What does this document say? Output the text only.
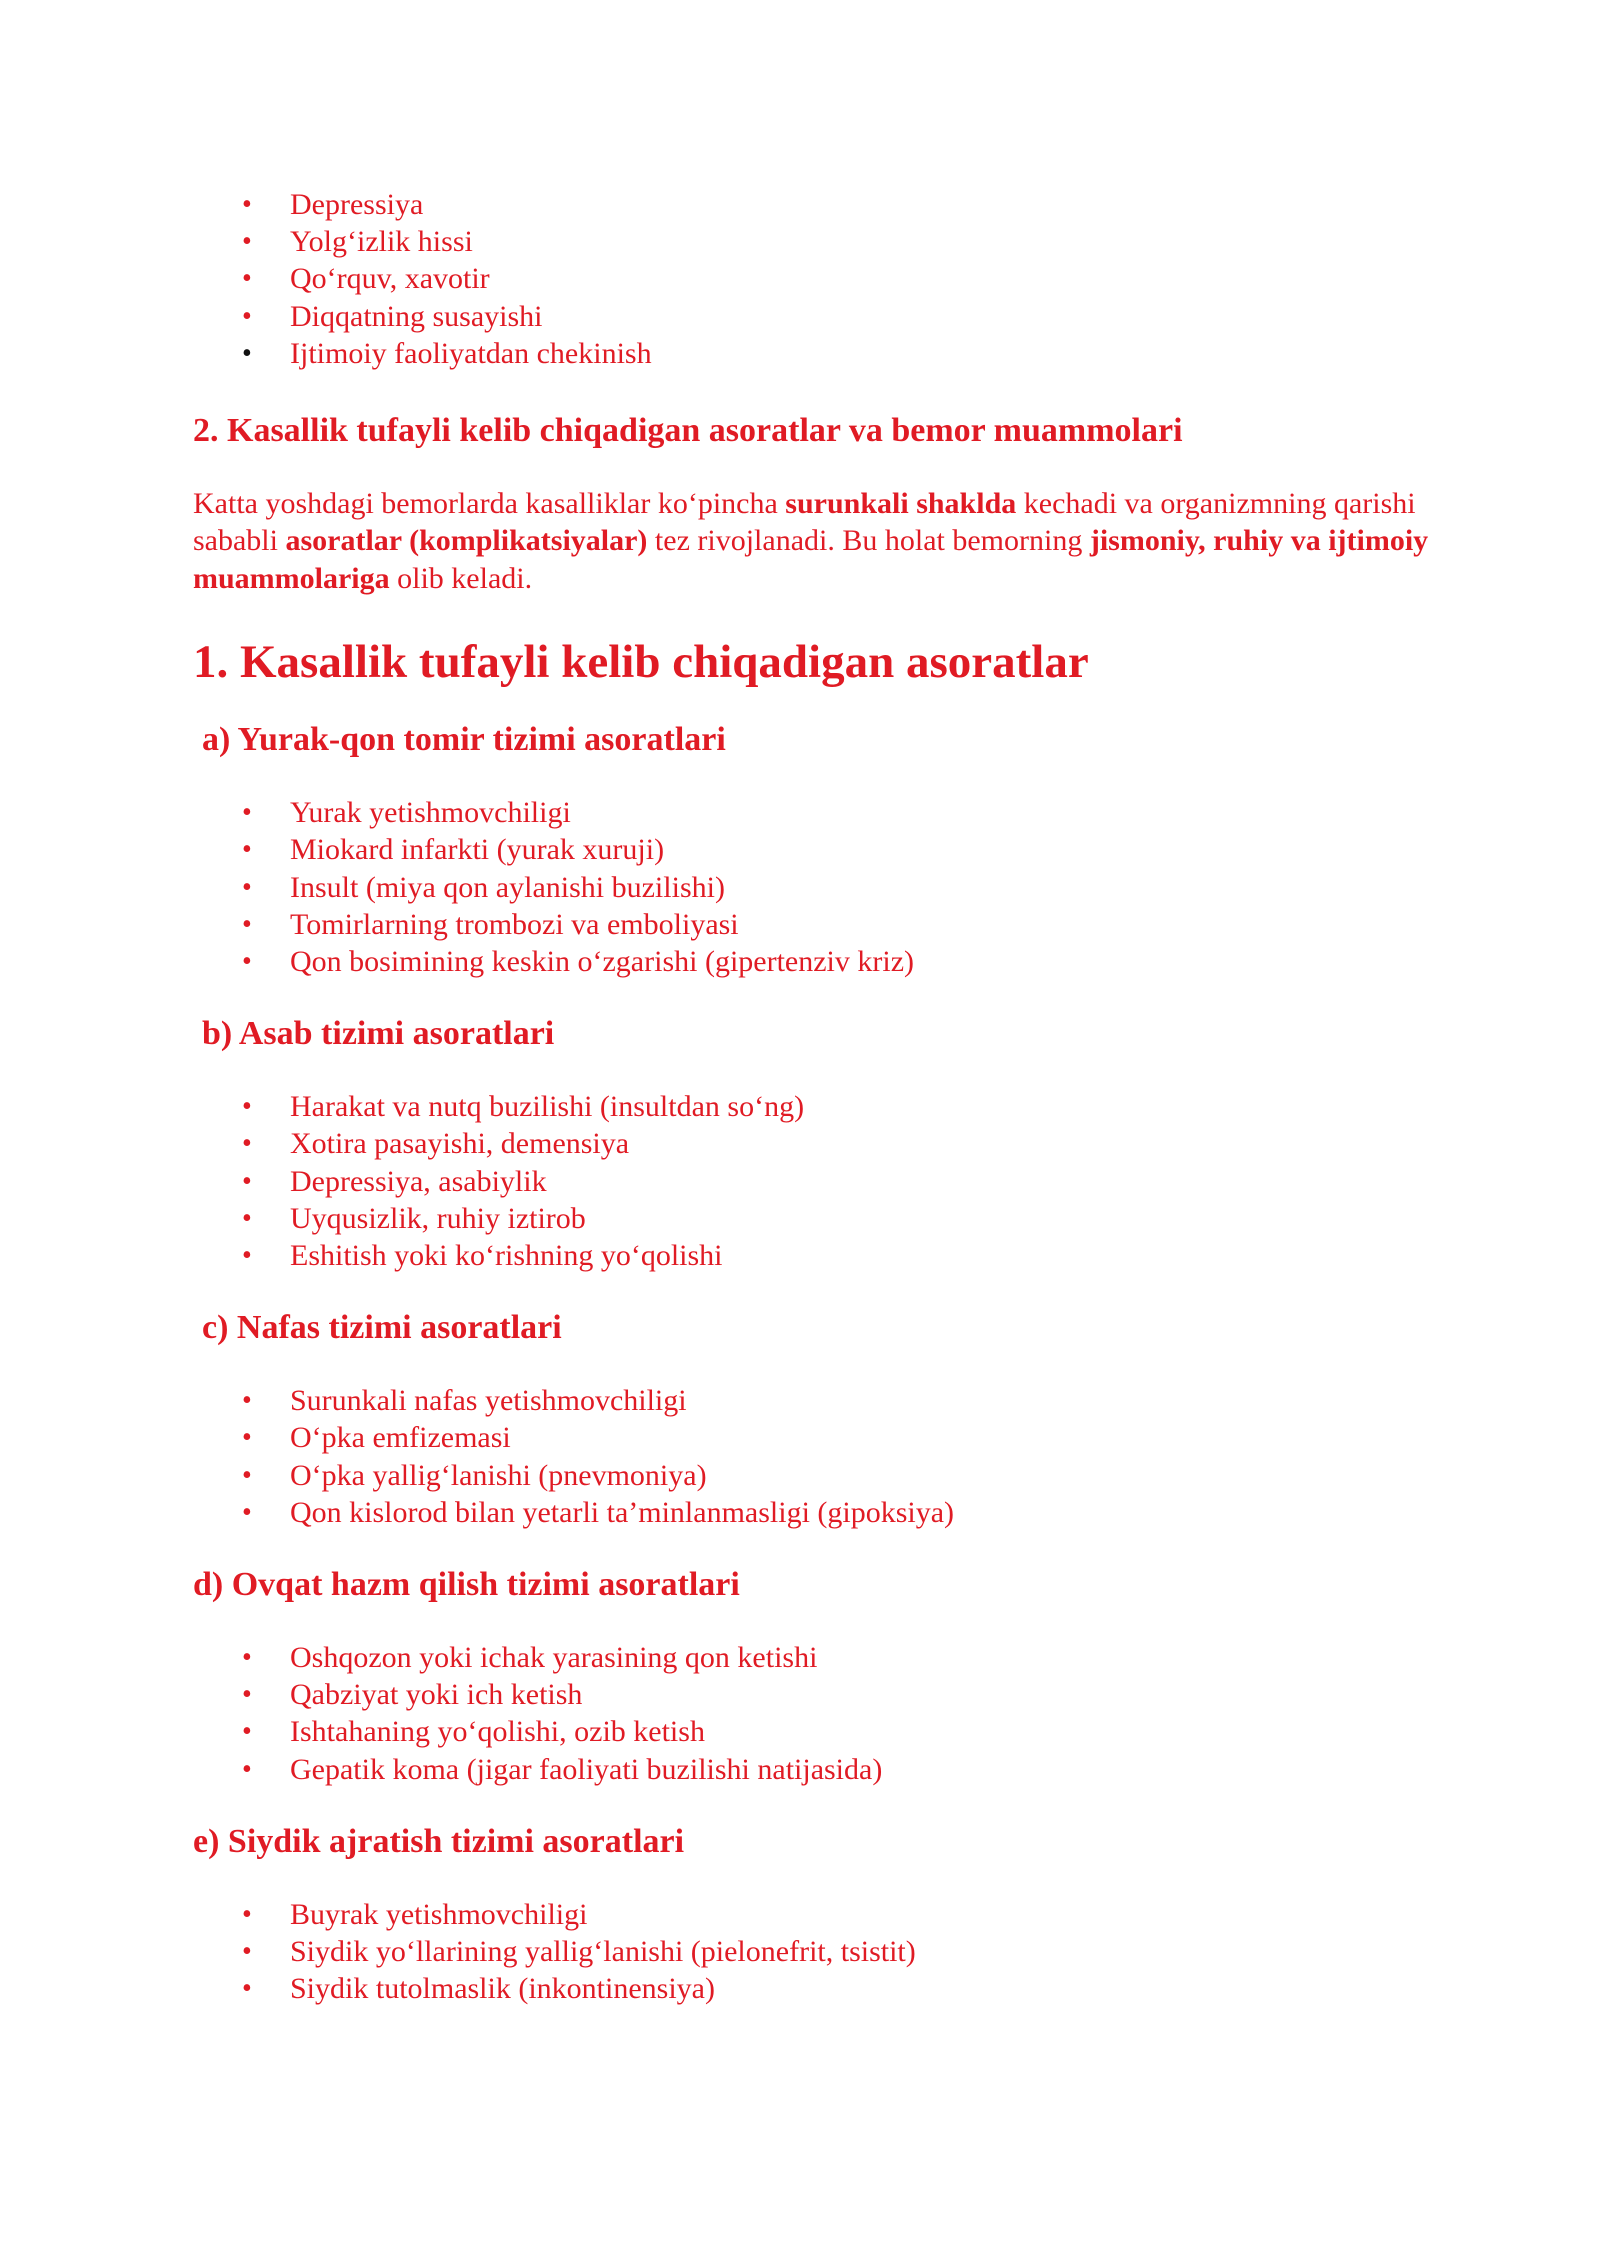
• Depressiya
• Yolg‘izlik hissi
• Qo‘rquv, xavotir
• Diqqatning susayishi
• Ijtimoiy faoliyatdan chekinish
2. Kasallik tufayli kelib chiqadigan asoratlar va bemor muammolari

Katta yoshdagi bemorlarda kasalliklar ko‘pincha surunkali shaklda kechadi va organizmning qarishi sababli asoratlar (komplikatsiyalar) tez rivojlanadi. Bu holat bemorning jismoniy, ruhiy va ijtimoiy muammolariga olib keladi.

1. Kasallik tufayli kelib chiqadigan asoratlar
a) Yurak-qon tomir tizimi asoratlari
• Yurak yetishmovchiligi
• Miokard infarkti (yurak xuruji)
• Insult (miya qon aylanishi buzilishi)
• Tomirlarning trombozi va emboliyasi
• Qon bosimining keskin o‘zgarishi (gipertenziv kriz)
b) Asab tizimi asoratlari
• Harakat va nutq buzilishi (insultdan so‘ng)
• Xotira pasayishi, demensiya
• Depressiya, asabiylik
• Uyqusizlik, ruhiy iztirob
• Eshitish yoki ko‘rishning yo‘qolishi
c) Nafas tizimi asoratlari
• Surunkali nafas yetishmovchiligi
• O‘pka emfizemasi
• O‘pka yallig‘lanishi (pnevmoniya)
• Qon kislorod bilan yetarli ta’minlanmasligi (gipoksiya)
d) Ovqat hazm qilish tizimi asoratlari
• Oshqozon yoki ichak yarasining qon ketishi
• Qabziyat yoki ich ketish
• Ishtahaning yo‘qolishi, ozib ketish
• Gepatik koma (jigar faoliyati buzilishi natijasida)
e) Siydik ajratish tizimi asoratlari
• Buyrak yetishmovchiligi
• Siydik yo‘llarining yallig‘lanishi (pielonefrit, tsistit)
• Siydik tutolmaslik (inkontinensiya)
